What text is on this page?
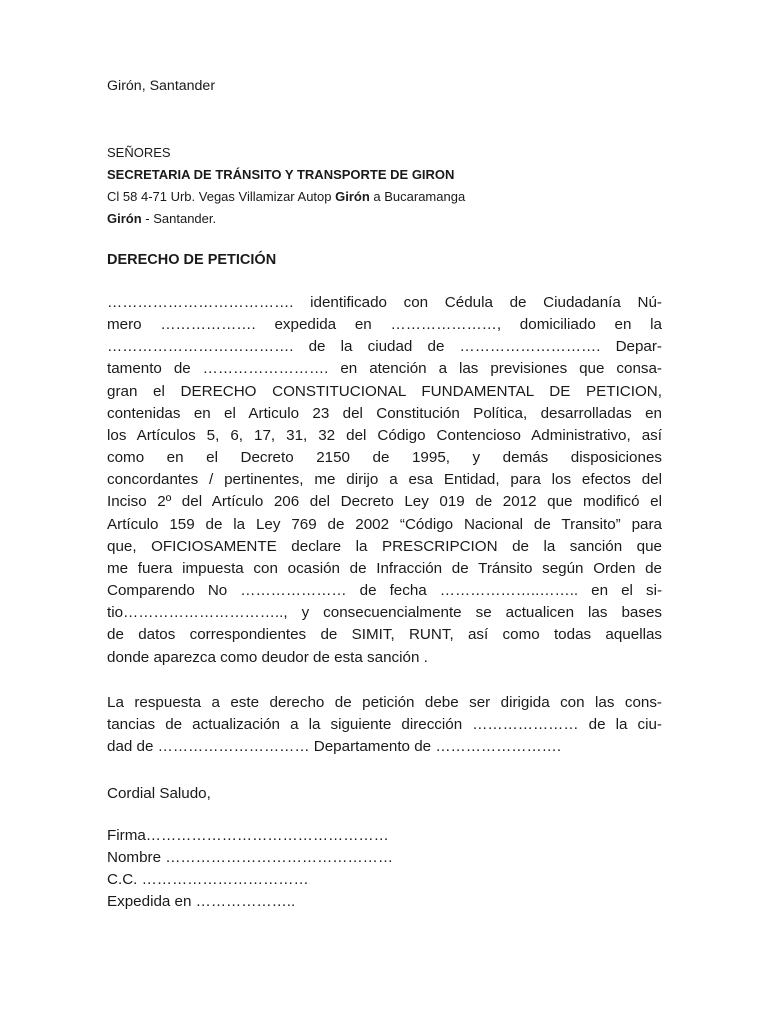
Girón, Santander
SEÑORES
SECRETARIA DE TRÁNSITO Y TRANSPORTE DE GIRON
Cl 58 4-71 Urb. Vegas Villamizar Autop Girón a Bucaramanga
Girón - Santander.
DERECHO DE PETICIÓN
………………………………. identificado con Cédula de Ciudadanía Nú-
mero ………………. expedida en …………………, domiciliado en la
………………………………. de la ciudad de ………………………. Depar-
tamento de ……………………. en atención a las previsiones que consa-
gran el DERECHO CONSTITUCIONAL FUNDAMENTAL DE PETICION,
contenidas en el Articulo 23 del Constitución Política, desarrolladas en
los Artículos 5, 6, 17, 31, 32 del Código Contencioso Administrativo, así
como en el Decreto 2150 de 1995, y demás disposiciones
concordantes / pertinentes, me dirijo a esa Entidad, para los efectos del
Inciso 2º del Artículo 206 del Decreto Ley 019 de 2012 que modificó el
Artículo 159 de la Ley 769 de 2002 “Código Nacional de Transito” para
que, OFICIOSAMENTE declare la PRESCRIPCION de la sanción que
me fuera impuesta con ocasión de Infracción de Tránsito según Orden de
Comparendo No ………………… de fecha ………………..…….. en el si-
tio………………………….., y consecuencialmente se actualicen las bases
de datos correspondientes de SIMIT, RUNT, así como todas aquellas
donde aparezca como deudor de esta sanción .
La respuesta a este derecho de petición debe ser dirigida con las cons-
tancias de actualización a la siguiente dirección ………………… de la ciu-
dad de ………………………… Departamento de …………………….
Cordial Saludo,
Firma…………………………………………
Nombre ………………………………………
C.C. ……………………………
Expedida en ………………..
